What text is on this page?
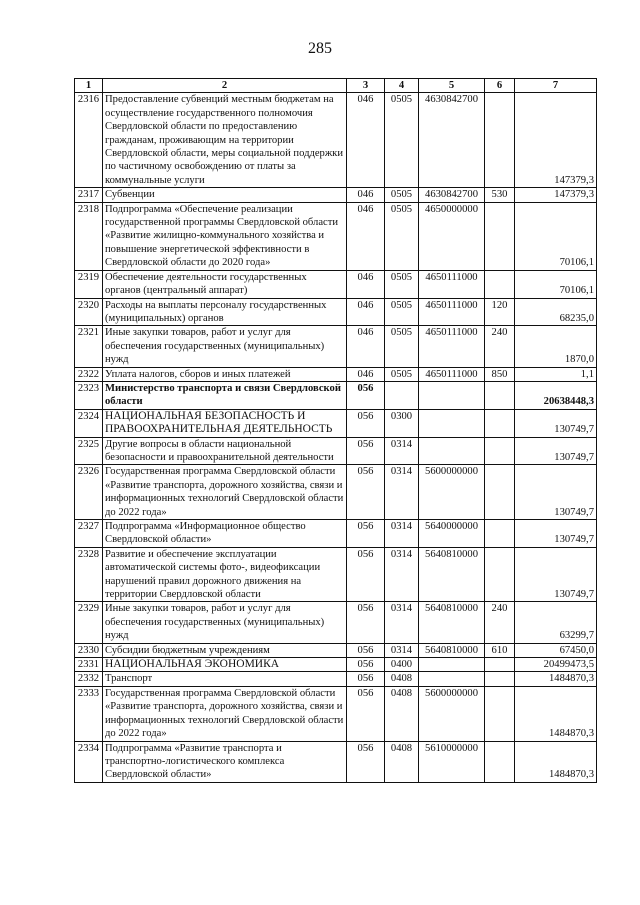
285
1	2	3	4	5	6	7
2316	Предоставление субвенций местным бюджетам на осуществление государственного полномочия Свердловской области по предоставлению гражданам, проживающим на территории Свердловской области, меры социальной поддержки по частичному освобождению от платы за коммунальные услуги	046	0505	4630842700		147379,3
2317	Субвенции	046	0505	4630842700	530	147379,3
2318	Подпрограмма «Обеспечение реализации государственной программы Свердловской области «Развитие жилищно-коммунального хозяйства и повышение энергетической эффективности в Свердловской области до 2020 года»	046	0505	4650000000		70106,1
2319	Обеспечение деятельности государственных органов (центральный аппарат)	046	0505	4650111000		70106,1
2320	Расходы на выплаты персоналу государственных (муниципальных) органов	046	0505	4650111000	120	68235,0
2321	Иные закупки товаров, работ и услуг для обеспечения государственных (муниципальных) нужд	046	0505	4650111000	240	1870,0
2322	Уплата налогов, сборов и иных платежей	046	0505	4650111000	850	1,1
2323	Министерство транспорта и связи Свердловской области	056				20638448,3
2324	НАЦИОНАЛЬНАЯ БЕЗОПАСНОСТЬ И ПРАВООХРАНИТЕЛЬНАЯ ДЕЯТЕЛЬНОСТЬ	056	0300			130749,7
2325	Другие вопросы в области национальной безопасности и правоохранительной деятельности	056	0314			130749,7
2326	Государственная программа Свердловской области «Развитие транспорта, дорожного хозяйства, связи и информационных технологий Свердловской области до 2022 года»	056	0314	5600000000		130749,7
2327	Подпрограмма «Информационное общество Свердловской области»	056	0314	5640000000		130749,7
2328	Развитие и обеспечение эксплуатации автоматической системы фото-, видеофиксации нарушений правил дорожного движения на территории Свердловской области	056	0314	5640810000		130749,7
2329	Иные закупки товаров, работ и услуг для обеспечения государственных (муниципальных) нужд	056	0314	5640810000	240	63299,7
2330	Субсидии бюджетным учреждениям	056	0314	5640810000	610	67450,0
2331	НАЦИОНАЛЬНАЯ ЭКОНОМИКА	056	0400			20499473,5
2332	Транспорт	056	0408			1484870,3
2333	Государственная программа Свердловской области «Развитие транспорта, дорожного хозяйства, связи и информационных технологий Свердловской области до 2022 года»	056	0408	5600000000		1484870,3
2334	Подпрограмма «Развитие транспорта и транспортно-логистического комплекса Свердловской области»	056	0408	5610000000		1484870,3
